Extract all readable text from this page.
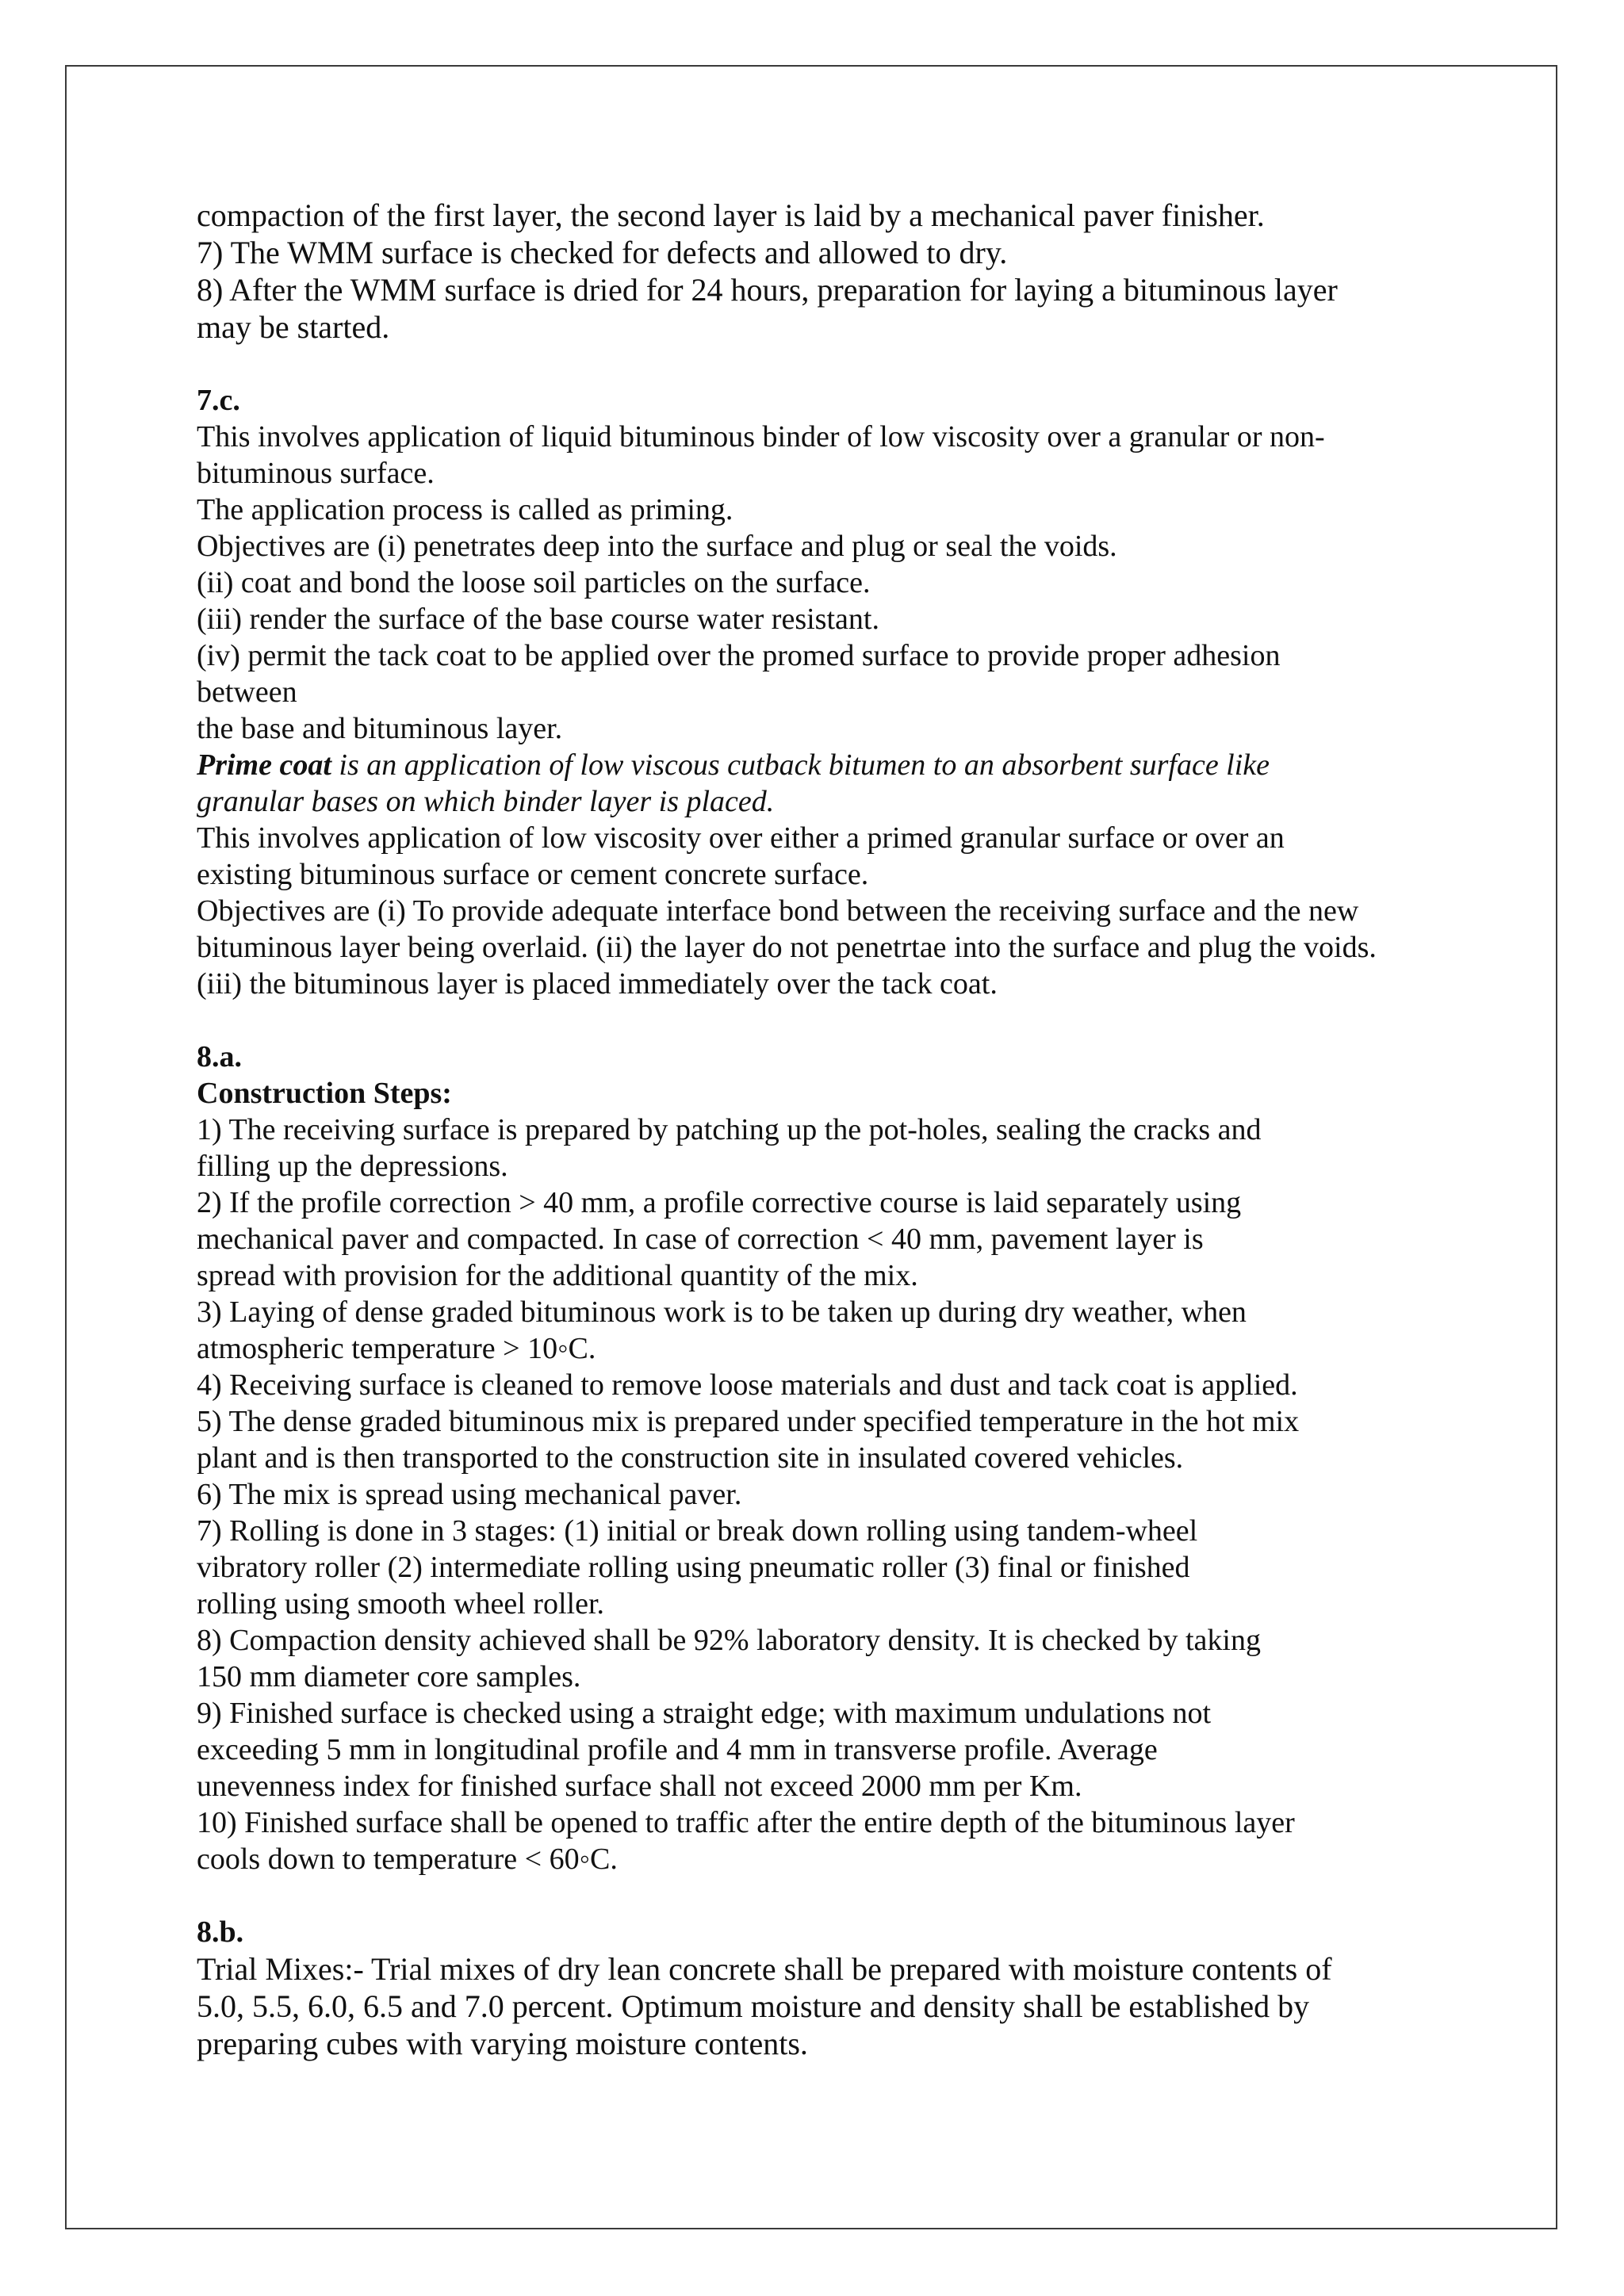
compaction of the first layer, the second layer is laid by a mechanical paver finisher.
7) The WMM surface is checked for defects and allowed to dry.
8) After the WMM surface is dried for 24 hours, preparation for laying a bituminous layer
may be started.
7.c.
This involves application of liquid bituminous binder of low viscosity over a granular or non-
bituminous surface.
The application process is called as priming.
Objectives are (i) penetrates deep into the surface and plug or seal the voids.
(ii) coat and bond the loose soil particles on the surface.
(iii) render the surface of the base course water resistant.
(iv) permit the tack coat to be applied over the promed surface to provide proper adhesion
between
the base and bituminous layer.
Prime coat is an application of low viscous cutback bitumen to an absorbent surface like
granular bases on which binder layer is placed.
This involves application of low viscosity over either a primed granular surface or over an
existing bituminous surface or cement concrete surface.
Objectives are (i) To provide adequate interface bond between the receiving surface and the new
bituminous layer being overlaid. (ii) the layer do not penetrtae into the surface and plug the voids.
(iii) the bituminous layer is placed immediately over the tack coat.
8.a.
Construction Steps:
1) The receiving surface is prepared by patching up the pot-holes, sealing the cracks and
filling up the depressions.
2) If the profile correction > 40 mm, a profile corrective course is laid separately using
mechanical paver and compacted. In case of correction < 40 mm, pavement layer is
spread with provision for the additional quantity of the mix.
3) Laying of dense graded bituminous work is to be taken up during dry weather, when
atmospheric temperature > 10◦C.
4) Receiving surface is cleaned to remove loose materials and dust and tack coat is applied.
5) The dense graded bituminous mix is prepared under specified temperature in the hot mix
plant and is then transported to the construction site in insulated covered vehicles.
6) The mix is spread using mechanical paver.
7) Rolling is done in 3 stages: (1) initial or break down rolling using tandem-wheel
vibratory roller (2) intermediate rolling using pneumatic roller (3) final or finished
rolling using smooth wheel roller.
8) Compaction density achieved shall be 92% laboratory density. It is checked by taking
150 mm diameter core samples.
9) Finished surface is checked using a straight edge; with maximum undulations not
exceeding 5 mm in longitudinal profile and 4 mm in transverse profile. Average
unevenness index for finished surface shall not exceed 2000 mm per Km.
10) Finished surface shall be opened to traffic after the entire depth of the bituminous layer
cools down to temperature < 60◦C.
8.b.
Trial Mixes:- Trial mixes of dry lean concrete shall be prepared with moisture contents of
5.0, 5.5, 6.0, 6.5 and 7.0 percent. Optimum moisture and density shall be established by
preparing cubes with varying moisture contents.
